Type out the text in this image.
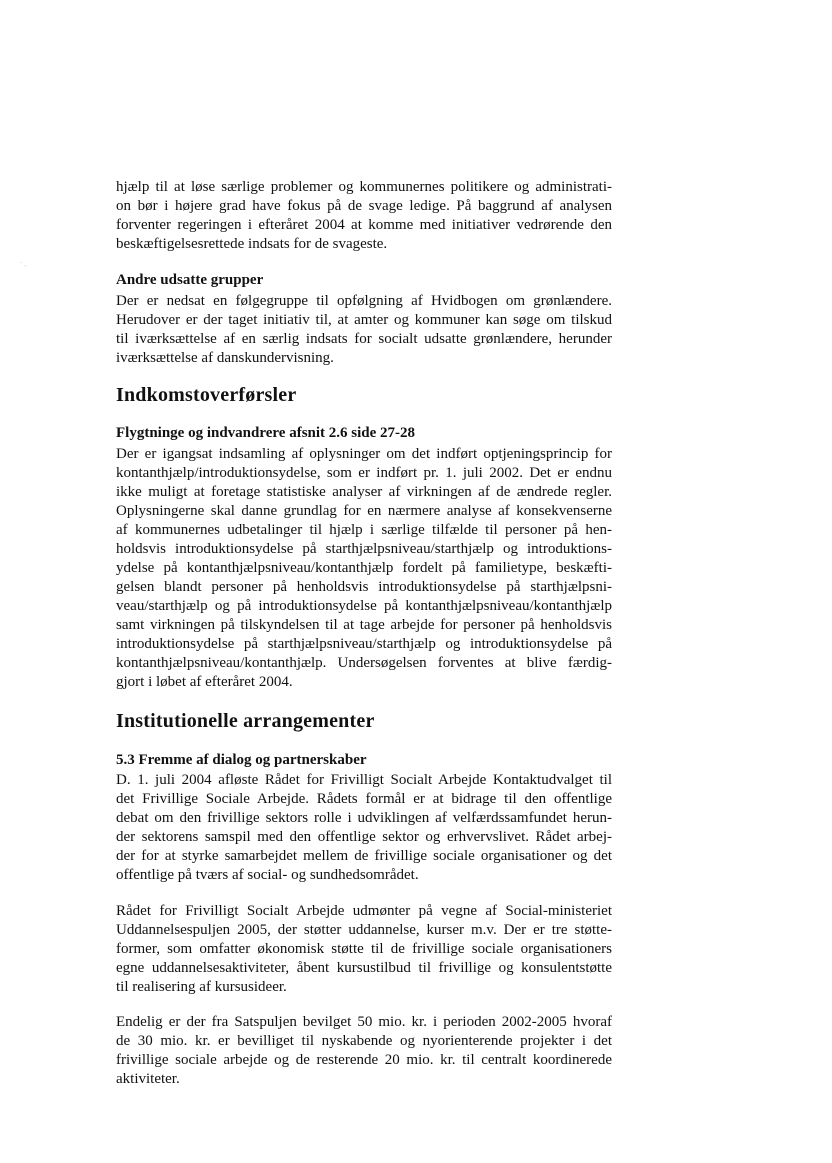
˙ ˴
hjælp til at løse særlige problemer og kommunernes politikere og administrati-
on bør i højere grad have fokus på de svage ledige. På baggrund af analysen
forventer regeringen i efteråret 2004 at komme med initiativer vedrørende den
beskæftigelsesrettede indsats for de svageste.
Andre udsatte grupper
Der er nedsat en følgegruppe til opfølgning af Hvidbogen om grønlændere.
Herudover er der taget initiativ til, at amter og kommuner kan søge om tilskud
til iværksættelse af en særlig indsats for socialt udsatte grønlændere, herunder
iværksættelse af danskundervisning.
Indkomstoverførsler
Flygtninge og indvandrere afsnit 2.6 side 27-28
Der er igangsat indsamling af oplysninger om det indført optjeningsprincip for
kontanthjælp/introduktionsydelse, som er indført pr. 1. juli 2002. Det er endnu
ikke muligt at foretage statistiske analyser af virkningen af de ændrede regler.
Oplysningerne skal danne grundlag for en nærmere analyse af konsekvenserne
af kommunernes udbetalinger til hjælp i særlige tilfælde til personer på hen-
holdsvis introduktionsydelse på starthjælpsniveau/starthjælp og introduktions-
ydelse på kontanthjælpsniveau/kontanthjælp fordelt på familietype, beskæfti-
gelsen blandt personer på henholdsvis introduktionsydelse på starthjælpsni-
veau/starthjælp og på introduktionsydelse på kontanthjælpsniveau/kontanthjælp
samt virkningen på tilskyndelsen til at tage arbejde for personer på henholdsvis
introduktionsydelse på starthjælpsniveau/starthjælp og introduktionsydelse på
kontanthjælpsniveau/kontanthjælp. Undersøgelsen forventes at blive færdig-
gjort i løbet af efteråret 2004.
Institutionelle arrangementer
5.3 Fremme af dialog og partnerskaber
D. 1. juli 2004 afløste Rådet for Frivilligt Socialt Arbejde Kontaktudvalget til
det Frivillige Sociale Arbejde. Rådets formål er at bidrage til den offentlige
debat om den frivillige sektors rolle i udviklingen af velfærdssamfundet herun-
der sektorens samspil med den offentlige sektor og erhvervslivet. Rådet arbej-
der for at styrke samarbejdet mellem de frivillige sociale organisationer og det
offentlige på tværs af social- og sundhedsområdet.
Rådet for Frivilligt Socialt Arbejde udmønter på vegne af Social-ministeriet
Uddannelsespuljen 2005, der støtter uddannelse, kurser m.v. Der er tre støtte-
former, som omfatter økonomisk støtte til de frivillige sociale organisationers
egne uddannelsesaktiviteter, åbent kursustilbud til frivillige og konsulentstøtte
til realisering af kursusideer.
Endelig er der fra Satspuljen bevilget 50 mio. kr. i perioden 2002-2005 hvoraf
de 30 mio. kr. er bevilliget til nyskabende og nyorienterende projekter i det
frivillige sociale arbejde og de resterende 20 mio. kr. til centralt koordinerede
aktiviteter.
